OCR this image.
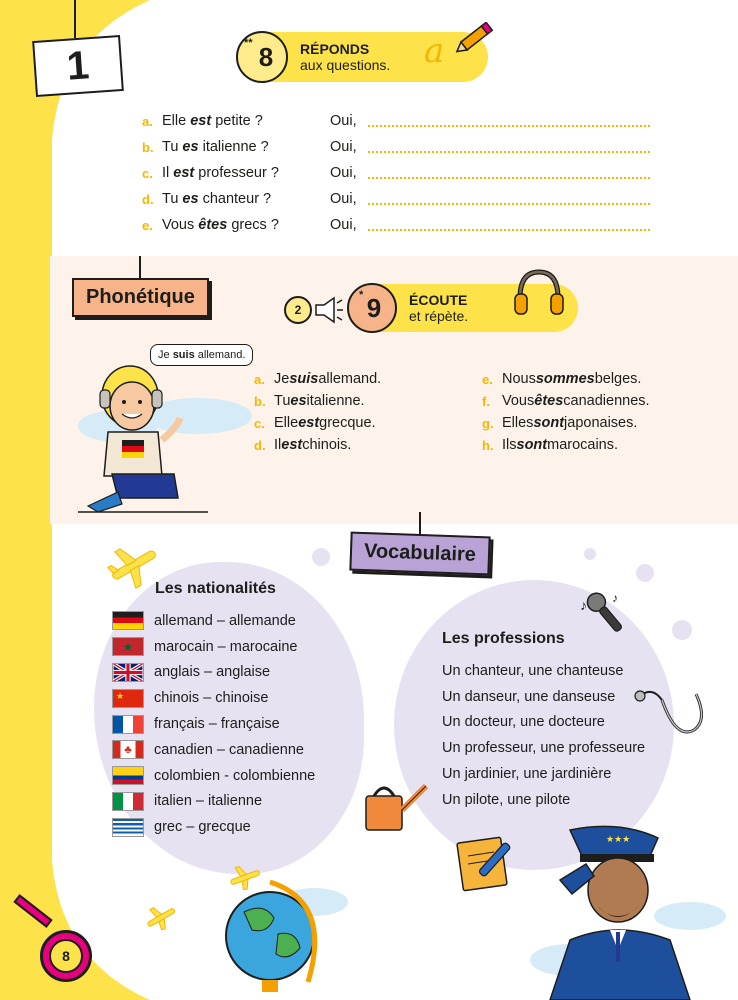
1	** 8 RÉPONDS
aux questions. a
a. Elle est petite ?	Oui,
b. Tu es italienne ?	Oui,
c. Il est professeur ?	Oui,
d. Tu es chanteur ?	Oui,
e. Vous êtes grecs ?	Oui,
Phonétique
2
* 9 ÉCOUTE
et répète.
Je suis allemand.
a. Je suis allemand.
b. Tu es italienne.
c. Elle est grecque.
d. Il est chinois.
e. Nous sommes belges.
f. Vous êtes canadiennes.
g. Elles sont japonaises.
h. Ils sont marocains.
Vocabulaire
Les nationalités
Les professions
allemand – allemande
★	marocain – marocaine
anglais – anglaise
★	chinois – chinoise
français – française
♣	canadien – canadienne
colombien - colombienne
italien – italienne
grec – grecque
Un chanteur, une chanteuse
Un danseur, une danseuse
Un docteur, une docteure
Un professeur, une professeure
Un jardinier, une jardinière
Un pilote, une pilote
♪ ♪
★★★
8
